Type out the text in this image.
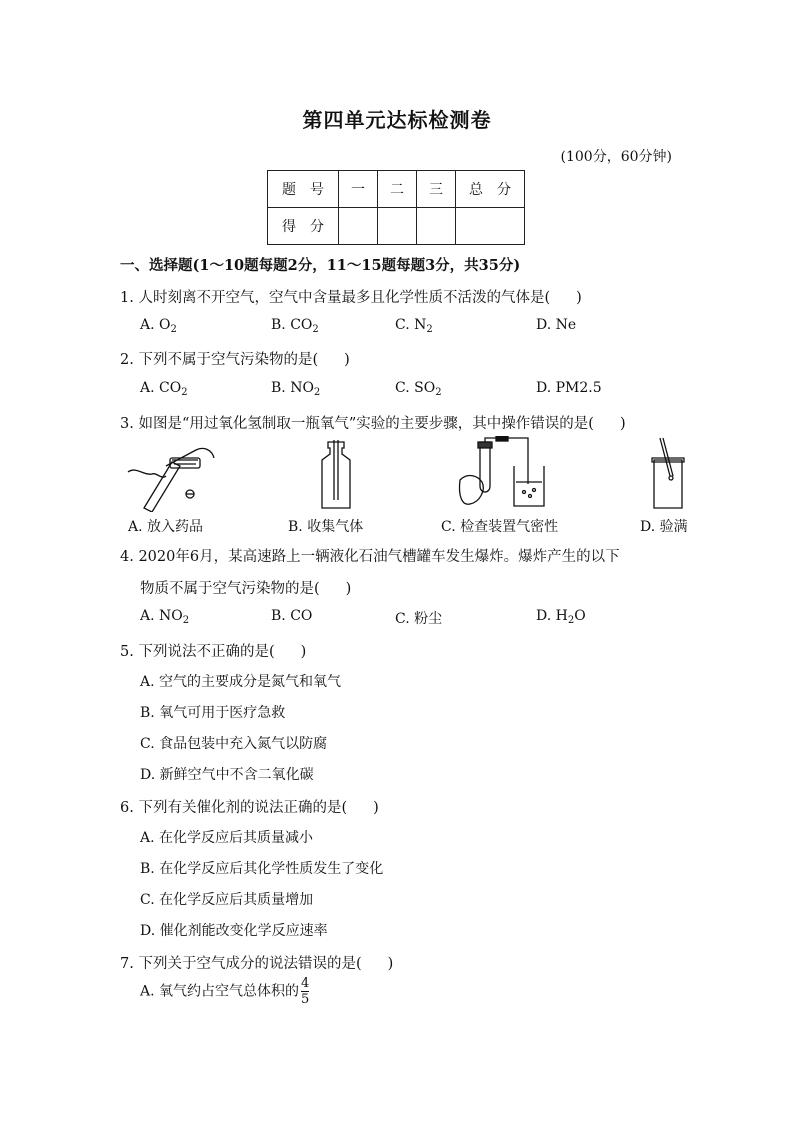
第四单元达标检测卷
(100分，60分钟)
题　号	一	二	三	总　分
得　分				
一、选择题(1～10题每题2分，11～15题每题3分，共35分)
1. 人时刻离不开空气，空气中含量最多且化学性质不活泼的气体是( )
A. $O_2$	B. $CO_2$	C. $N_2$	D. Ne
2. 下列不属于空气污染物的是( )
A. $CO_2$	B. $NO_2$	C. $SO_2$	D. PM2.5
3. 如图是“用过氧化氢制取一瓶氧气”实验的主要步骤，其中操作错误的是( )
A. 放入药品	B. 收集气体	C. 检查装置气密性	D. 验满
4. 2020年6月，某高速路上一辆液化石油气槽罐车发生爆炸。爆炸产生的以下
物质不属于空气污染物的是( )
A. $NO_2$	B. CO	C. 粉尘	D. $H_2O$
5. 下列说法不正确的是( )
A. 空气的主要成分是氮气和氧气
B. 氧气可用于医疗急救
C. 食品包装中充入氮气以防腐
D. 新鲜空气中不含二氧化碳
6. 下列有关催化剂的说法正确的是( )
A. 在化学反应后其质量减小
B. 在化学反应后其化学性质发生了变化
C. 在化学反应后其质量增加
D. 催化剂能改变化学反应速率
7. 下列关于空气成分的说法错误的是( )
A. 氧气约占空气总体积的 $\frac{4}{5}$
